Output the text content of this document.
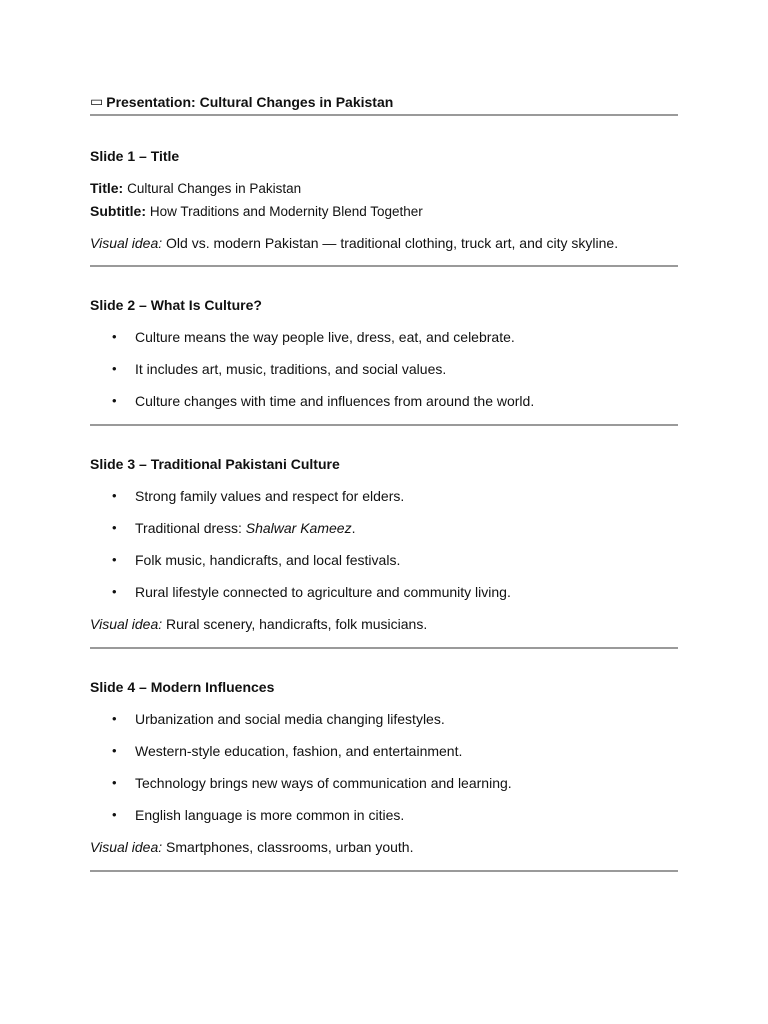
▭ Presentation: Cultural Changes in Pakistan
Slide 1 – Title

Title: Cultural Changes in Pakistan

Subtitle: How Traditions and Modernity Blend Together

Visual idea: Old vs. modern Pakistan — traditional clothing, truck art, and city skyline.

Slide 2 – What Is Culture?
• Culture means the way people live, dress, eat, and celebrate.
• It includes art, music, traditions, and social values.
• Culture changes with time and influences from around the world.
Slide 3 – Traditional Pakistani Culture
• Strong family values and respect for elders.
• Traditional dress: Shalwar Kameez.
• Folk music, handicrafts, and local festivals.
• Rural lifestyle connected to agriculture and community living.

Visual idea: Rural scenery, handicrafts, folk musicians.

Slide 4 – Modern Influences
• Urbanization and social media changing lifestyles.
• Western-style education, fashion, and entertainment.
• Technology brings new ways of communication and learning.
• English language is more common in cities.

Visual idea: Smartphones, classrooms, urban youth.
